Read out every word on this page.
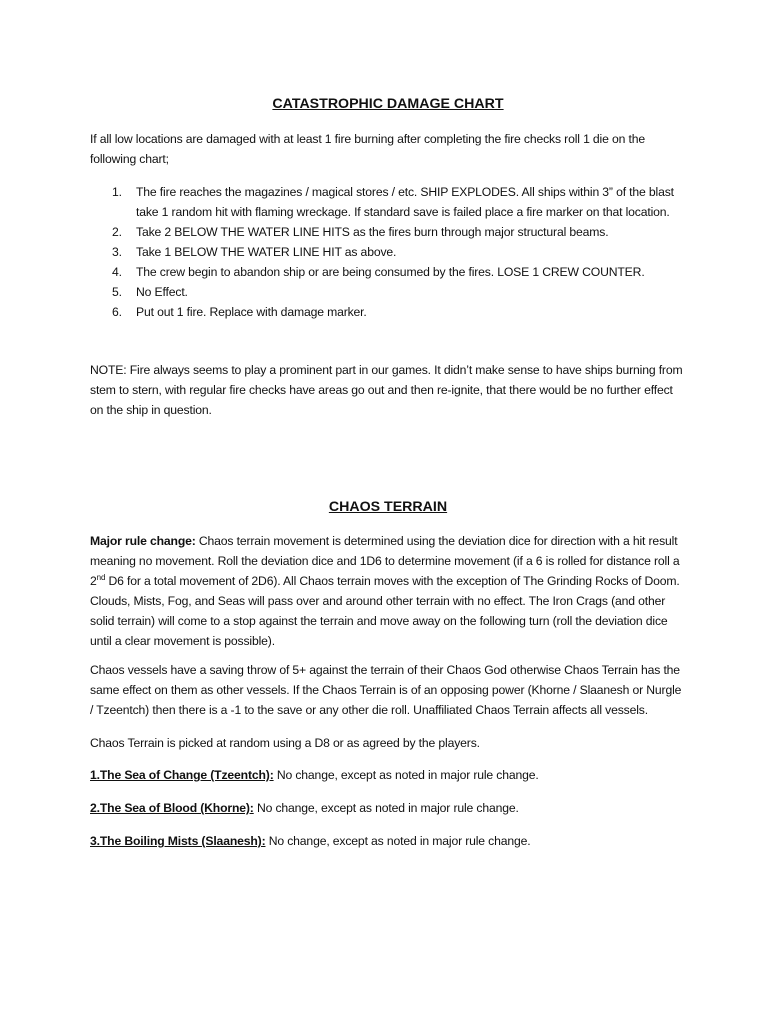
CATASTROPHIC DAMAGE CHART

If all low locations are damaged with at least 1 fire burning after completing the fire checks roll 1 die on the following chart;

1. The fire reaches the magazines / magical stores / etc. SHIP EXPLODES. All ships within 3” of the blast take 1 random hit with flaming wreckage. If standard save is failed place a fire marker on that location.
2. Take 2 BELOW THE WATER LINE HITS as the fires burn through major structural beams.
3. Take 1 BELOW THE WATER LINE HIT as above.
4. The crew begin to abandon ship or are being consumed by the fires. LOSE 1 CREW COUNTER.
5. No Effect.
6. Put out 1 fire. Replace with damage marker.

NOTE: Fire always seems to play a prominent part in our games. It didn’t make sense to have ships burning from stem to stern, with regular fire checks have areas go out and then re-ignite, that there would be no further effect on the ship in question.

CHAOS TERRAIN

Major rule change: Chaos terrain movement is determined using the deviation dice for direction with a hit result meaning no movement. Roll the deviation dice and 1D6 to determine movement (if a 6 is rolled for distance roll a 2nd D6 for a total movement of 2D6). All Chaos terrain moves with the exception of The Grinding Rocks of Doom. Clouds, Mists, Fog, and Seas will pass over and around other terrain with no effect. The Iron Crags (and other solid terrain) will come to a stop against the terrain and move away on the following turn (roll the deviation dice until a clear movement is possible).

Chaos vessels have a saving throw of 5+ against the terrain of their Chaos God otherwise Chaos Terrain has the same effect on them as other vessels. If the Chaos Terrain is of an opposing power (Khorne / Slaanesh or Nurgle / Tzeentch) then there is a -1 to the save or any other die roll. Unaffiliated Chaos Terrain affects all vessels.

Chaos Terrain is picked at random using a D8 or as agreed by the players.

1.The Sea of Change (Tzeentch): No change, except as noted in major rule change.

2.The Sea of Blood (Khorne): No change, except as noted in major rule change.

3.The Boiling Mists (Slaanesh): No change, except as noted in major rule change.
